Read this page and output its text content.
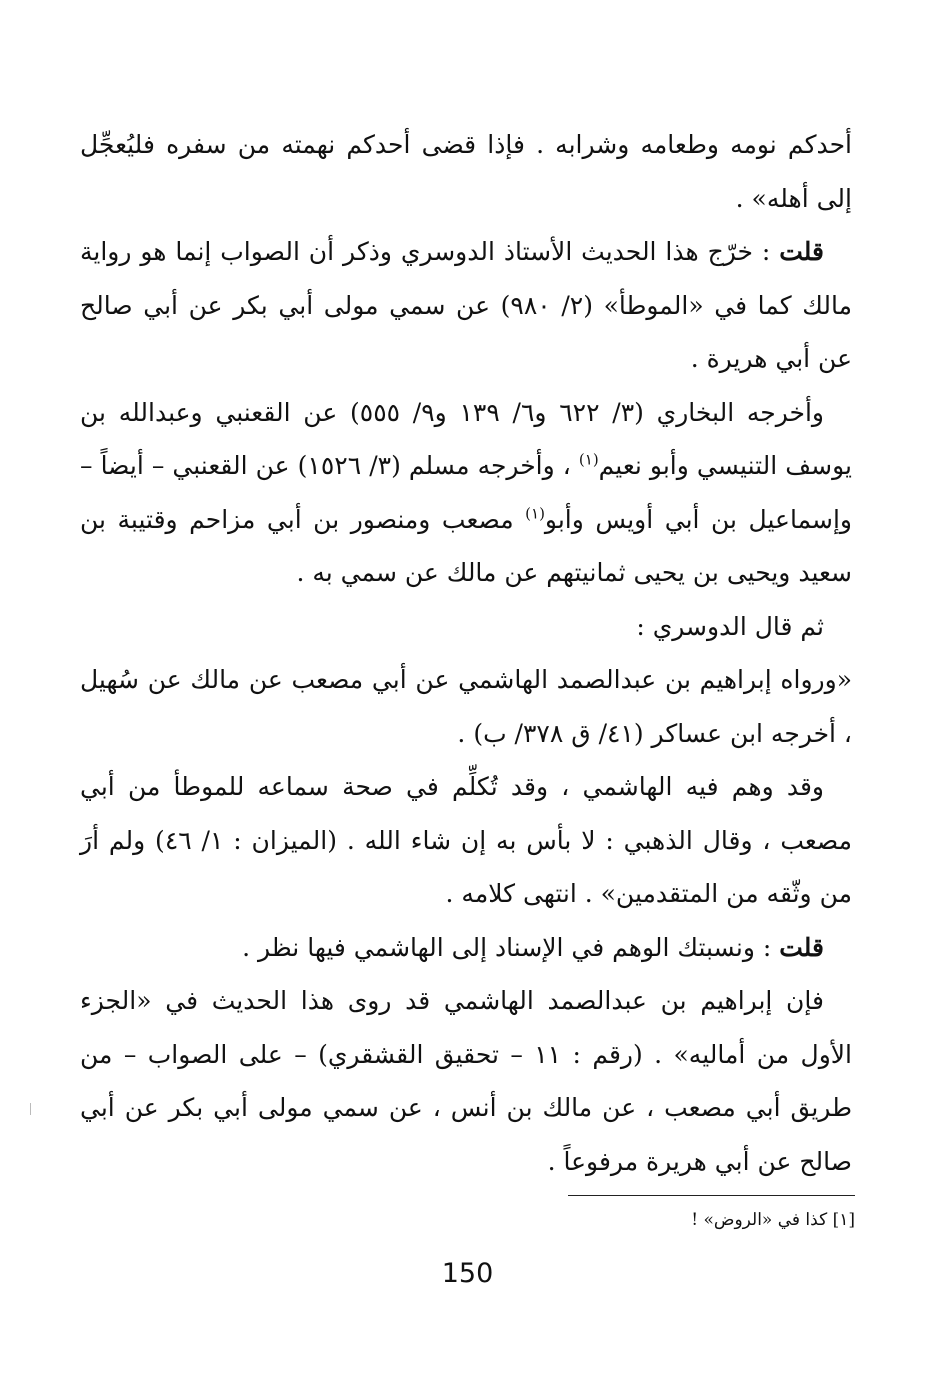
أحدكم نومه وطعامه وشرابه . فإذا قضى أحدكم نهمته من سفره فليُعجِّل إلى أهله» .

قلت : خرّج هذا الحديث الأستاذ الدوسري وذكر أن الصواب إنما هو رواية مالك كما في «الموطأ» (٢/ ٩٨٠) عن سمي مولى أبي بكر عن أبي صالح عن أبي هريرة .

وأخرجه البخاري (٣/ ٦٢٢ و٦/ ١٣٩ و٩/ ٥٥٥) عن القعنبي وعبدالله بن يوسف التنيسي وأبو نعيم$^{(١)}$ ، وأخرجه مسلم (٣/ ١٥٢٦) عن القعنبي – أيضاً – وإسماعيل بن أبي أويس وأبو$^{(١)}$ مصعب ومنصور بن أبي مزاحم وقتيبة بن سعيد ويحيى بن يحيى ثمانيتهم عن مالك عن سمي به .

ثم قال الدوسري :

«ورواه إبراهيم بن عبدالصمد الهاشمي عن أبي مصعب عن مالك عن سُهيل ، أخرجه ابن عساكر (٤١/ ق ٣٧٨/ ب) .

وقد وهم فيه الهاشمي ، وقد تُكلِّم في صحة سماعه للموطأ من أبي مصعب ، وقال الذهبي : لا بأس به إن شاء الله . (الميزان : ١/ ٤٦) ولم أرَ من وثّقه من المتقدمين» . انتهى كلامه .

قلت : ونسبتك الوهم في الإسناد إلى الهاشمي فيها نظر .

فإن إبراهيم بن عبدالصمد الهاشمي قد روى هذا الحديث في «الجزء الأول من أماليه» . (رقم : ١١ – تحقيق القشقري) – على الصواب – من طريق أبي مصعب ، عن مالك بن أنس ، عن سمي مولى أبي بكر عن أبي صالح عن أبي هريرة مرفوعاً .

[١] كذا في «الروض» !
150
